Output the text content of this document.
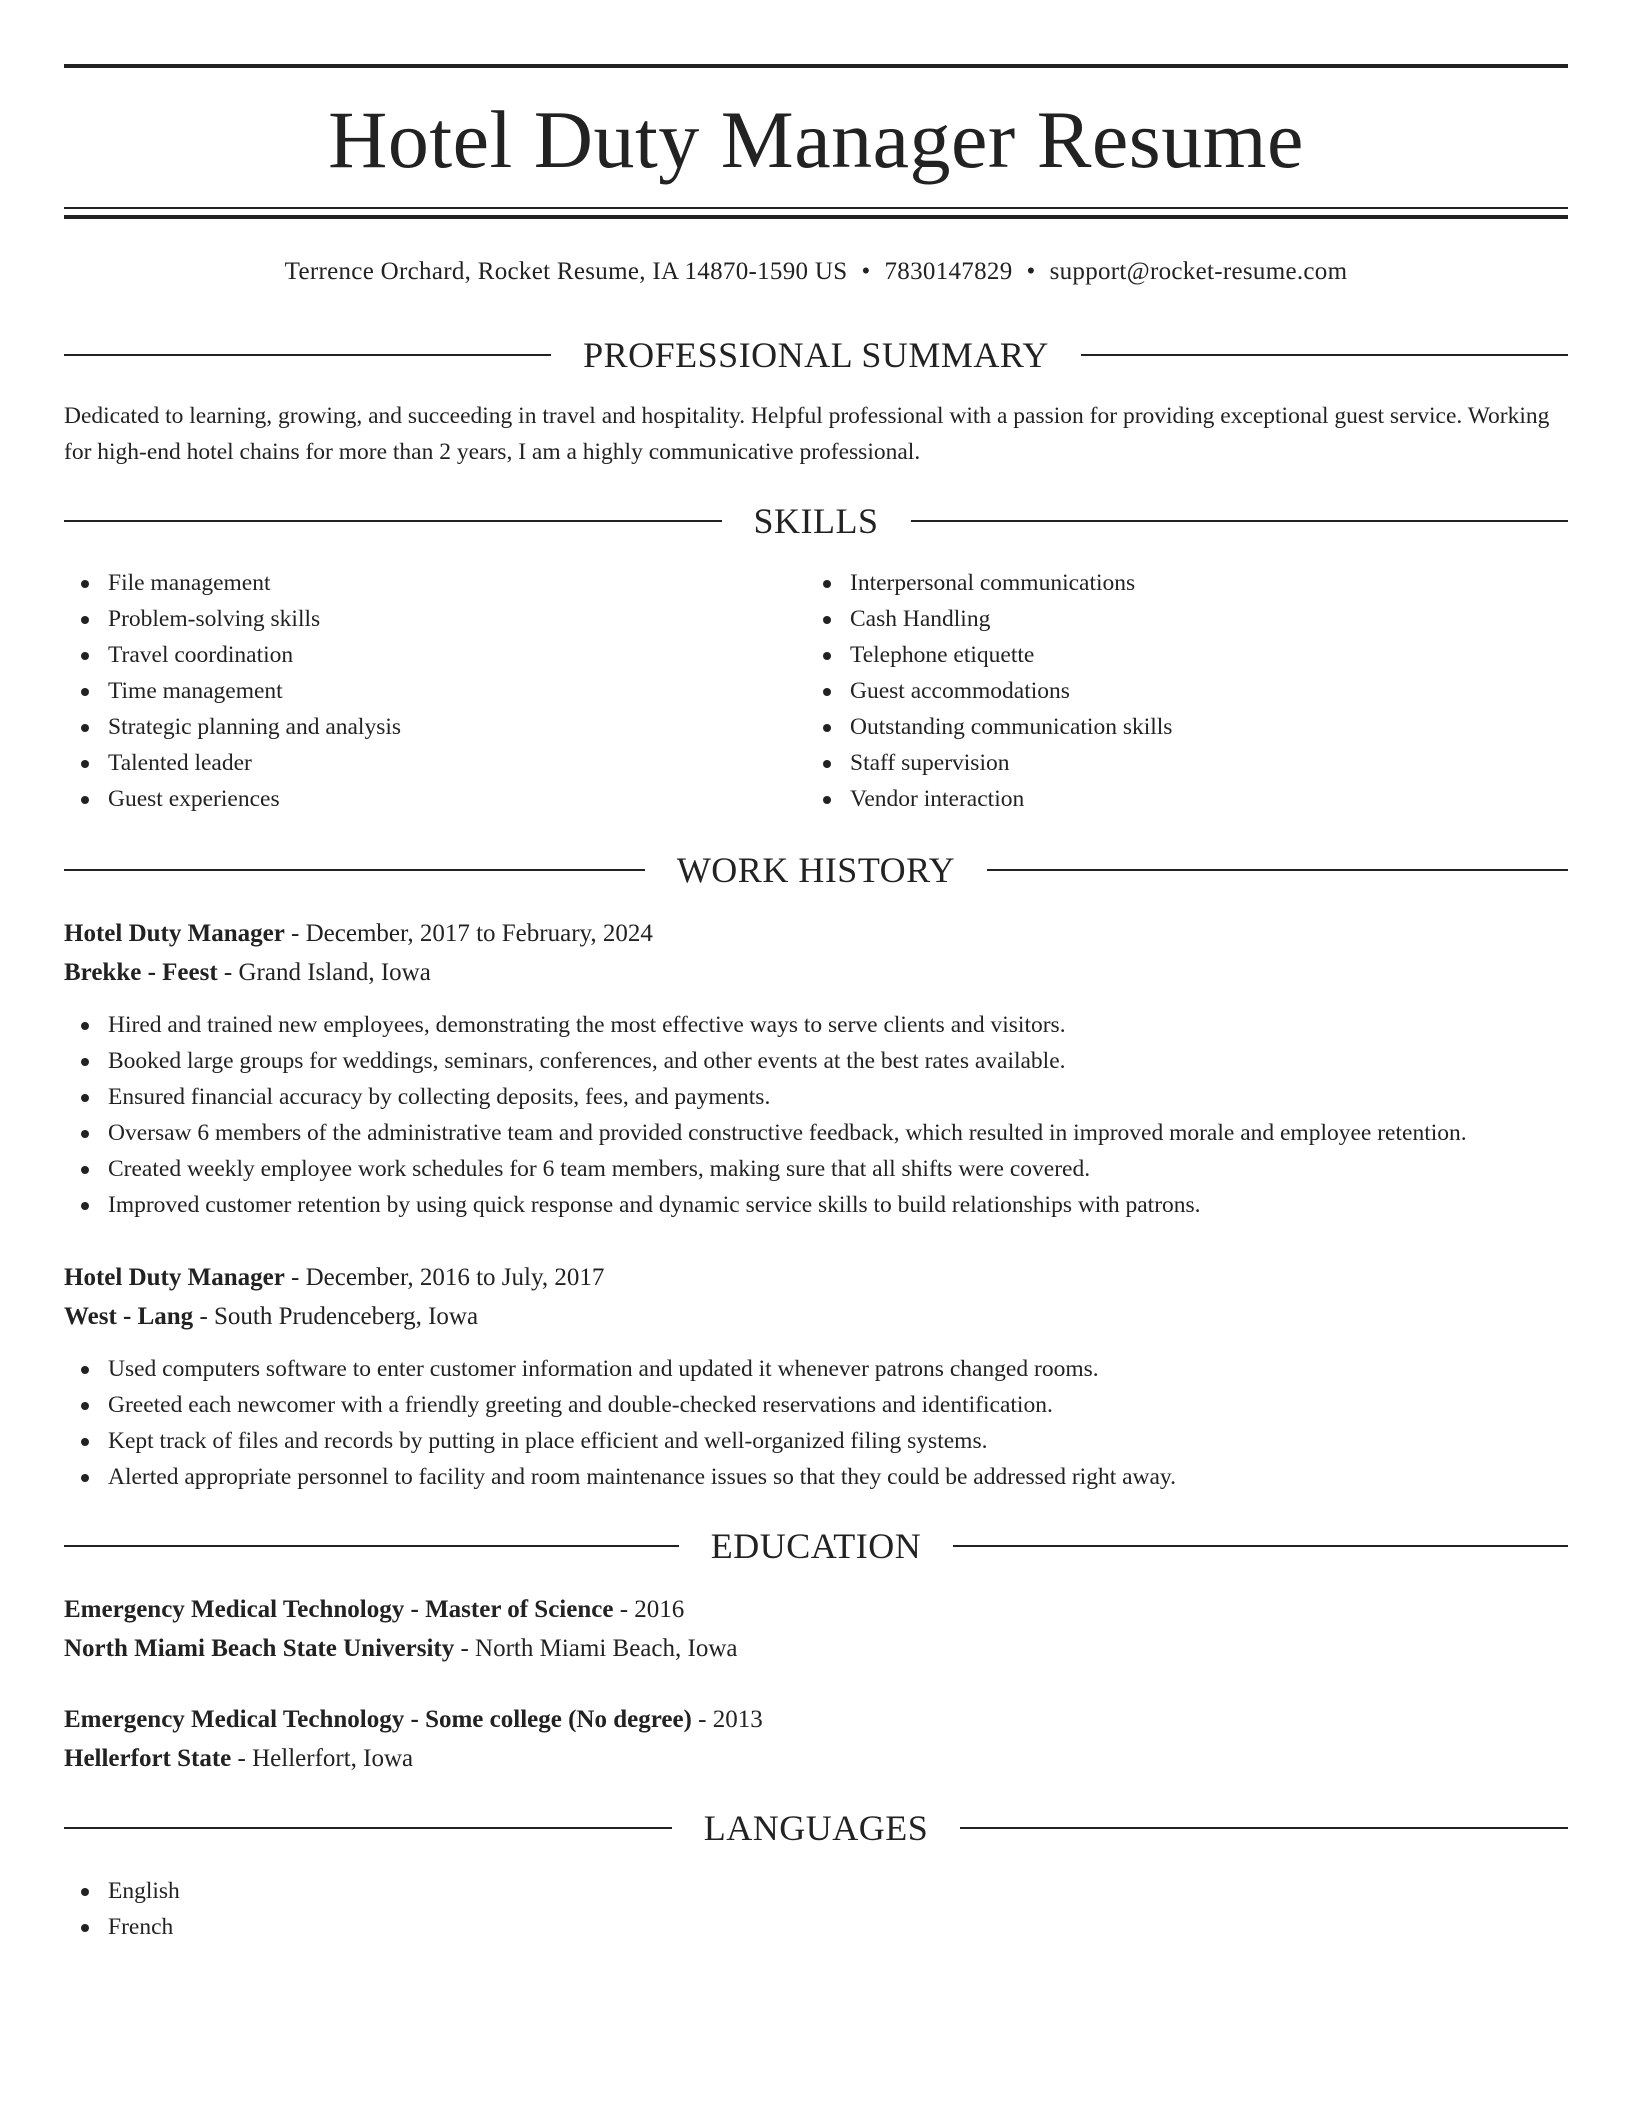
Hotel Duty Manager Resume
Terrence Orchard, Rocket Resume, IA 14870-1590 US • 7830147829 • support@rocket-resume.com
PROFESSIONAL SUMMARY
Dedicated to learning, growing, and succeeding in travel and hospitality. Helpful professional with a passion for providing exceptional guest service. Working for high-end hotel chains for more than 2 years, I am a highly communicative professional.
SKILLS
File management
Problem-solving skills
Travel coordination
Time management
Strategic planning and analysis
Talented leader
Guest experiences
Interpersonal communications
Cash Handling
Telephone etiquette
Guest accommodations
Outstanding communication skills
Staff supervision
Vendor interaction
WORK HISTORY
Hotel Duty Manager - December, 2017 to February, 2024
Brekke - Feest - Grand Island, Iowa
Hired and trained new employees, demonstrating the most effective ways to serve clients and visitors.
Booked large groups for weddings, seminars, conferences, and other events at the best rates available.
Ensured financial accuracy by collecting deposits, fees, and payments.
Oversaw 6 members of the administrative team and provided constructive feedback, which resulted in improved morale and employee retention.
Created weekly employee work schedules for 6 team members, making sure that all shifts were covered.
Improved customer retention by using quick response and dynamic service skills to build relationships with patrons.
Hotel Duty Manager - December, 2016 to July, 2017
West - Lang - South Prudenceberg, Iowa
Used computers software to enter customer information and updated it whenever patrons changed rooms.
Greeted each newcomer with a friendly greeting and double-checked reservations and identification.
Kept track of files and records by putting in place efficient and well-organized filing systems.
Alerted appropriate personnel to facility and room maintenance issues so that they could be addressed right away.
EDUCATION
Emergency Medical Technology - Master of Science - 2016
North Miami Beach State University - North Miami Beach, Iowa
Emergency Medical Technology - Some college (No degree) - 2013
Hellerfort State - Hellerfort, Iowa
LANGUAGES
English
French
